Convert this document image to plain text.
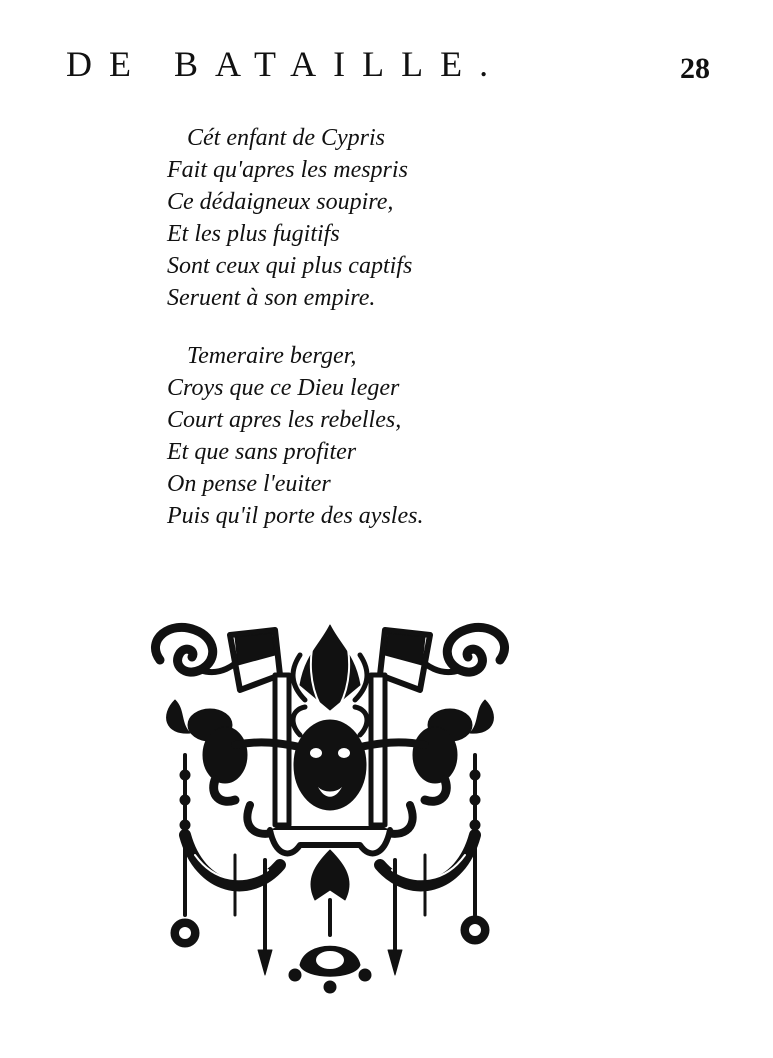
DE BATAILLE.	28
Cét enfant de Cypris
Fait qu'apres les mespris
Ce dédaigneux soupire,
Et les plus fugitifs
Sont ceux qui plus captifs
Seruent à son empire.
Temeraire berger,
Croys que ce Dieu leger
Court apres les rebelles,
Et que sans profiter
On pense l'euiter
Puis qu'il porte des aysles.
